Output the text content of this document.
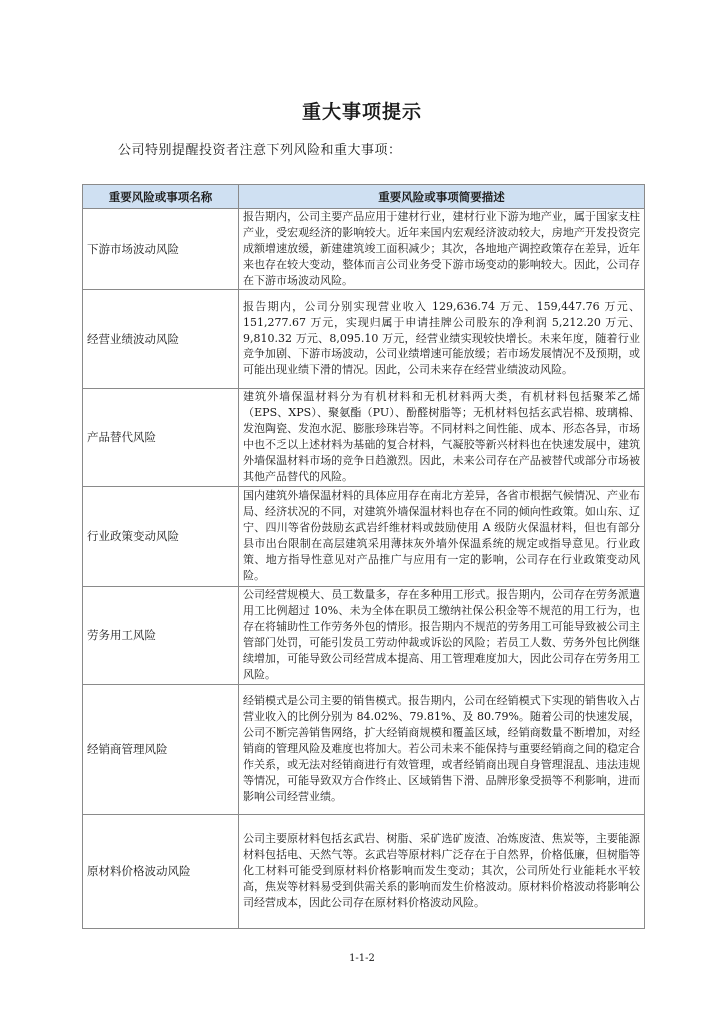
重大事项提示
公司特别提醒投资者注意下列风险和重大事项：
重要风险或事项名称	重要风险或事项简要描述
下游市场波动风险	报告期内，公司主要产品应用于建材行业，建材行业下游为地产业，属于国家支柱产业，受宏观经济的影响较大。近年来国内宏观经济波动较大，房地产开发投资完成额增速放缓，新建建筑竣工面积减少；其次，各地地产调控政策存在差异，近年来也存在较大变动，整体而言公司业务受下游市场变动的影响较大。因此，公司存在下游市场波动风险。
经营业绩波动风险	报告期内，公司分别实现营业收入 129,636.74 万元、159,447.76 万元、151,277.67 万元，实现归属于申请挂牌公司股东的净利润 5,212.20 万元、9,810.32 万元、8,095.10 万元，经营业绩实现较快增长。未来年度，随着行业竞争加剧、下游市场波动，公司业绩增速可能放缓；若市场发展情况不及预期，或可能出现业绩下滑的情况。因此，公司未来存在经营业绩波动风险。
产品替代风险	建筑外墙保温材料分为有机材料和无机材料两大类，有机材料包括聚苯乙烯（EPS、XPS）、聚氨酯（PU）、酚醛树脂等；无机材料包括玄武岩棉、玻璃棉、发泡陶瓷、发泡水泥、膨胀珍珠岩等。不同材料之间性能、成本、形态各异，市场中也不乏以上述材料为基础的复合材料，气凝胶等新兴材料也在快速发展中，建筑外墙保温材料市场的竞争日趋激烈。因此，未来公司存在产品被替代或部分市场被其他产品替代的风险。
行业政策变动风险	国内建筑外墙保温材料的具体应用存在南北方差异，各省市根据气候情况、产业布局、经济状况的不同，对建筑外墙保温材料也存在不同的倾向性政策。如山东、辽宁、四川等省份鼓励玄武岩纤维材料或鼓励使用 A 级防火保温材料，但也有部分县市出台限制在高层建筑采用薄抹灰外墙外保温系统的规定或指导意见。行业政策、地方指导性意见对产品推广与应用有一定的影响，公司存在行业政策变动风险。
劳务用工风险	公司经营规模大、员工数量多，存在多种用工形式。报告期内，公司存在劳务派遣用工比例超过 10%、未为全体在职员工缴纳社保公积金等不规范的用工行为，也存在将辅助性工作劳务外包的情形。报告期内不规范的劳务用工可能导致被公司主管部门处罚，可能引发员工劳动仲裁或诉讼的风险；若员工人数、劳务外包比例继续增加，可能导致公司经营成本提高、用工管理难度加大，因此公司存在劳务用工风险。
经销商管理风险	经销模式是公司主要的销售模式。报告期内，公司在经销模式下实现的销售收入占营业收入的比例分别为 84.02%、79.81%、及 80.79%。随着公司的快速发展，公司不断完善销售网络，扩大经销商规模和覆盖区域，经销商数量不断增加，对经销商的管理风险及难度也将加大。若公司未来不能保持与重要经销商之间的稳定合作关系，或无法对经销商进行有效管理，或者经销商出现自身管理混乱、违法违规等情况，可能导致双方合作终止、区域销售下滑、品牌形象受损等不利影响，进而影响公司经营业绩。
原材料价格波动风险	公司主要原材料包括玄武岩、树脂、采矿选矿废渣、冶炼废渣、焦炭等，主要能源材料包括电、天然气等。玄武岩等原材料广泛存在于自然界，价格低廉，但树脂等化工材料可能受到原材料价格影响而发生变动；其次，公司所处行业能耗水平较高，焦炭等材料易受到供需关系的影响而发生价格波动。原材料价格波动将影响公司经营成本，因此公司存在原材料价格波动风险。
1-1-2
